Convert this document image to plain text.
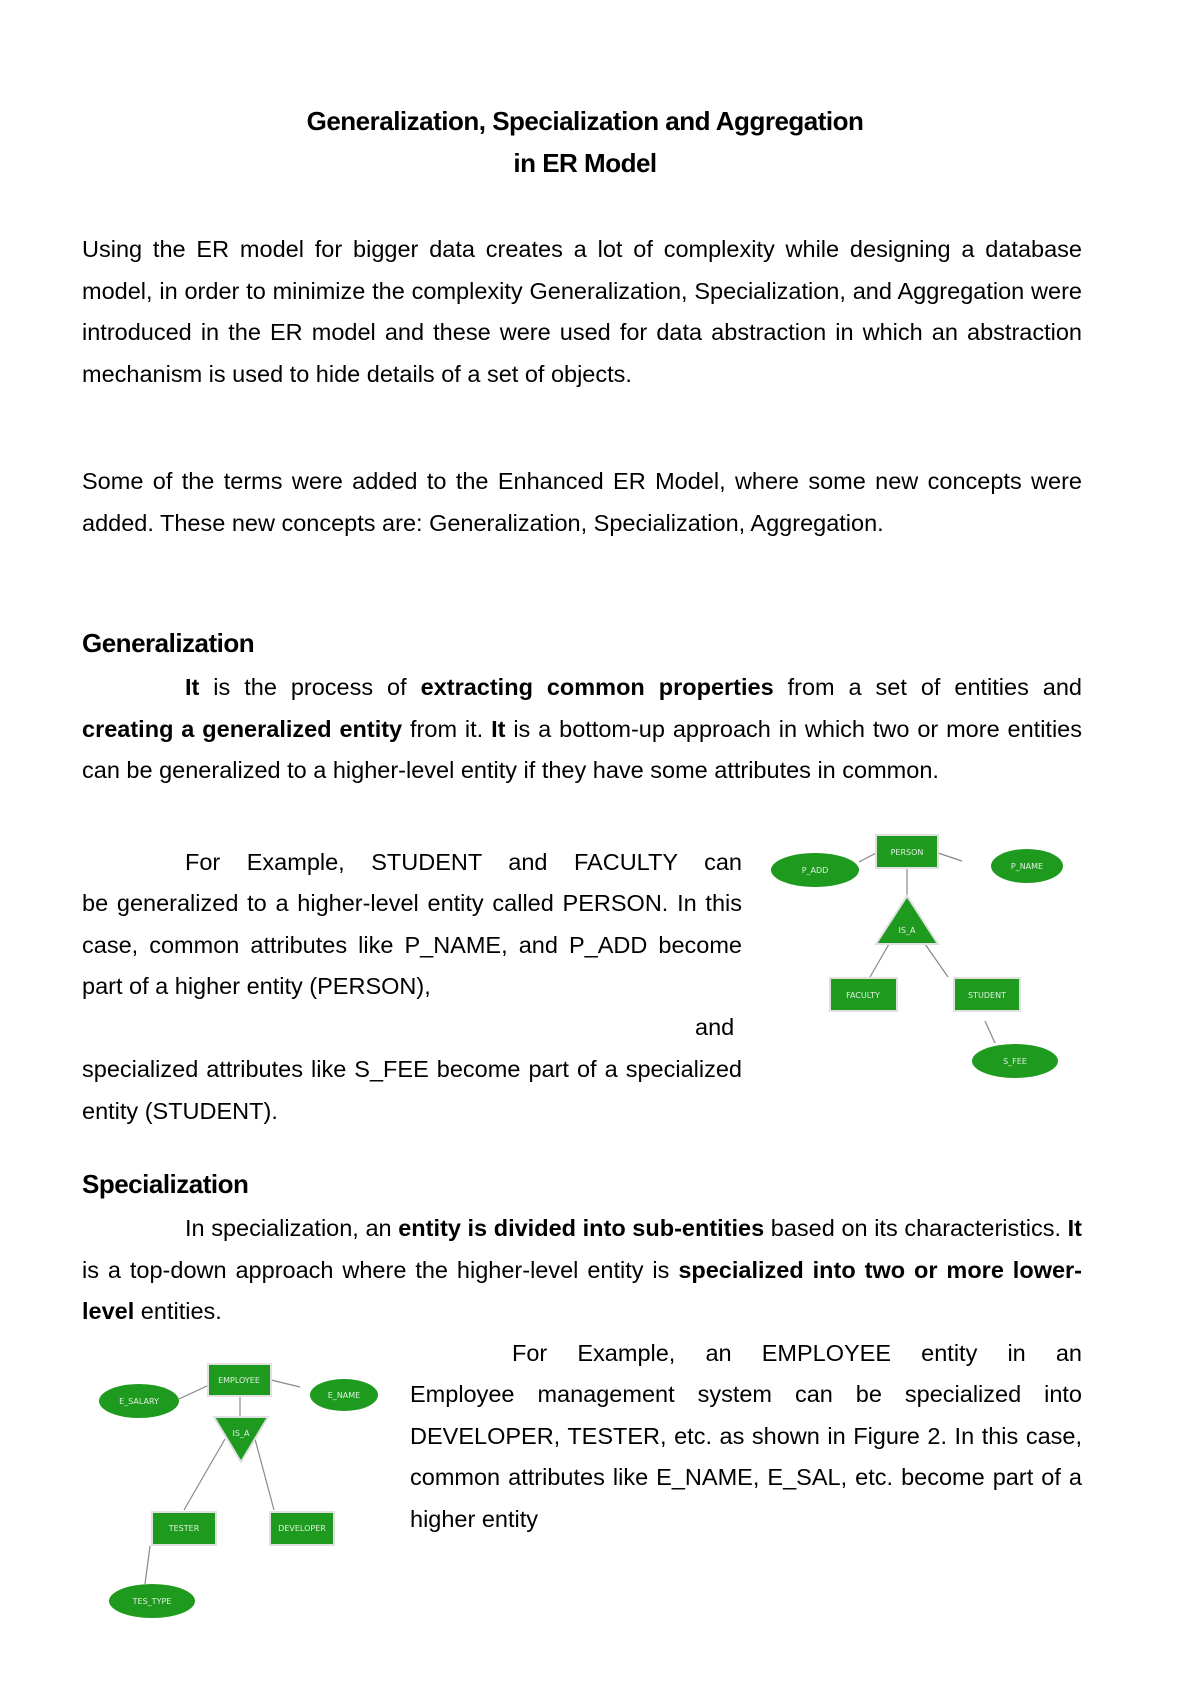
Generalization, Specialization and Aggregation
in ER Model
Using the ER model for bigger data creates a lot of complexity while designing a database model, in order to minimize the complexity Generalization, Specialization, and Aggregation were introduced in the ER model and these were used for data abstraction in which an abstraction mechanism is used to hide details of a set of objects.
Some of the terms were added to the Enhanced ER Model, where some new concepts were added. These new concepts are: Generalization, Specialization, Aggregation.
Generalization
It is the process of extracting common properties from a set of entities and creating a generalized entity from it. It is a bottom-up approach in which two or more entities can be generalized to a higher-level entity if they have some attributes in common.
For Example, STUDENT and FACULTY can
be generalized to a higher-level entity called PERSON. In this case, common attributes like P_NAME, and P_ADD become part of a higher entity (PERSON),
and
specialized attributes like S_FEE become part of a specialized entity (STUDENT).
PERSON
P_ADD	P_NAME
IS_A
FACULTY	STUDENT
S_FEE
Specialization
In specialization, an entity is divided into sub-entities based on its characteristics. It is a top-down approach where the higher-level entity is specialized into two or more lower-level entities.
For Example, an EMPLOYEE entity in an
Employee management system can be specialized into DEVELOPER, TESTER, etc. as shown in Figure 2. In this case, common attributes like E_NAME, E_SAL, etc. become part of a higher entity
EMPLOYEE
E_SALARY
E_NAME
IS_A
TESTER	DEVELOPER
TES_TYPE
